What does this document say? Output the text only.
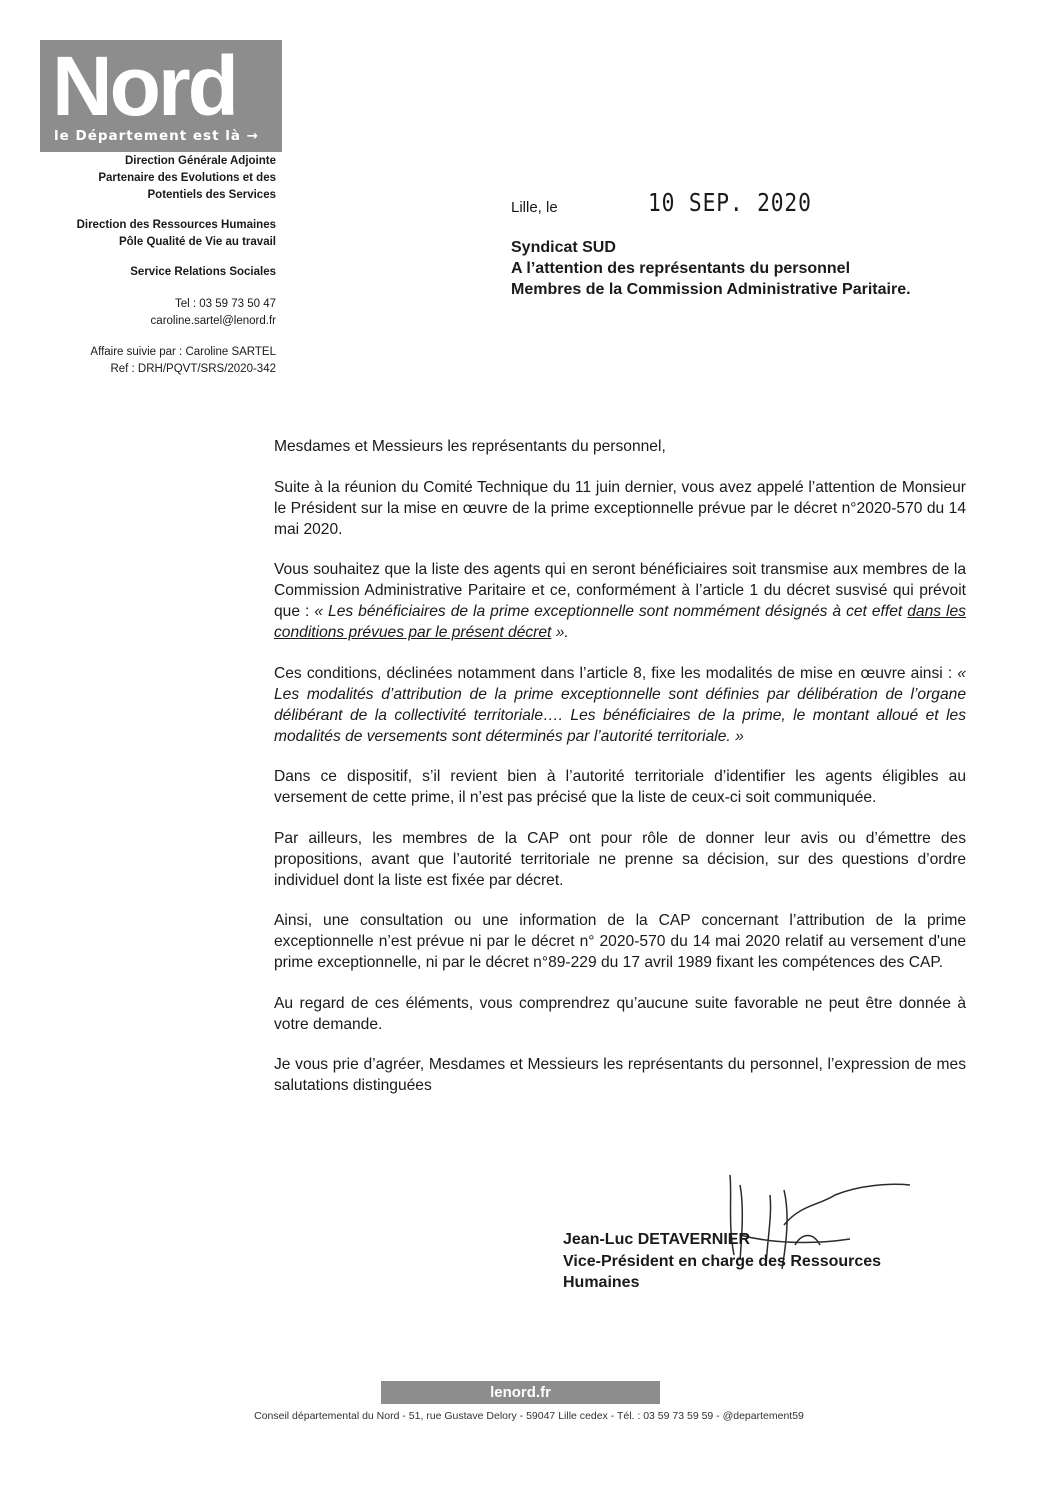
Nord
le Département est là →
Direction Générale Adjointe
Partenaire des Evolutions et des
Potentiels des Services
Direction des Ressources Humaines
Pôle Qualité de Vie au travail
Service Relations Sociales
Tel : 03 59 73 50 47
caroline.sartel@lenord.fr
Affaire suivie par : Caroline SARTEL
Ref : DRH/PQVT/SRS/2020-342
Lille, le	10 SEP. 2020
Syndicat SUD
A l’attention des représentants du personnel
Membres de la Commission Administrative Paritaire.

Mesdames et Messieurs les représentants du personnel,

Suite à la réunion du Comité Technique du 11 juin dernier, vous avez appelé l’attention de Monsieur le Président sur la mise en œuvre de la prime exceptionnelle prévue par le décret n°2020-570 du 14 mai 2020.

Vous souhaitez que la liste des agents qui en seront bénéficiaires soit transmise aux membres de la Commission Administrative Paritaire et ce, conformément à l’article 1 du décret susvisé qui prévoit que : « Les bénéficiaires de la prime exceptionnelle sont nommément désignés à cet effet dans les conditions prévues par le présent décret ».

Ces conditions, déclinées notamment dans l’article 8, fixe les modalités de mise en œuvre ainsi : « Les modalités d’attribution de la prime exceptionnelle sont définies par délibération de l’organe délibérant de la collectivité territoriale…. Les bénéficiaires de la prime, le montant alloué et les modalités de versements sont déterminés par l’autorité territoriale. »

Dans ce dispositif, s’il revient bien à l’autorité territoriale d’identifier les agents éligibles au versement de cette prime, il n’est pas précisé que la liste de ceux-ci soit communiquée.

Par ailleurs, les membres de la CAP ont pour rôle de donner leur avis ou d’émettre des propositions, avant que l’autorité territoriale ne prenne sa décision, sur des questions d’ordre individuel dont la liste est fixée par décret.

Ainsi, une consultation ou une information de la CAP concernant l’attribution de la prime exceptionnelle n’est prévue ni par le décret n° 2020-570 du 14 mai 2020 relatif au versement d'une prime exceptionnelle, ni par le décret n°89-229 du 17 avril 1989 fixant les compétences des CAP.

Au regard de ces éléments, vous comprendrez qu’aucune suite favorable ne peut être donnée à votre demande.

Je vous prie d’agréer, Mesdames et Messieurs les représentants du personnel, l’expression de mes salutations distinguées

Jean-Luc DETAVERNIER
Vice-Président en charge des Ressources
Humaines
lenord.fr
Conseil départemental du Nord - 51, rue Gustave Delory - 59047 Lille cedex - Tél. : 03 59 73 59 59 - @departement59
